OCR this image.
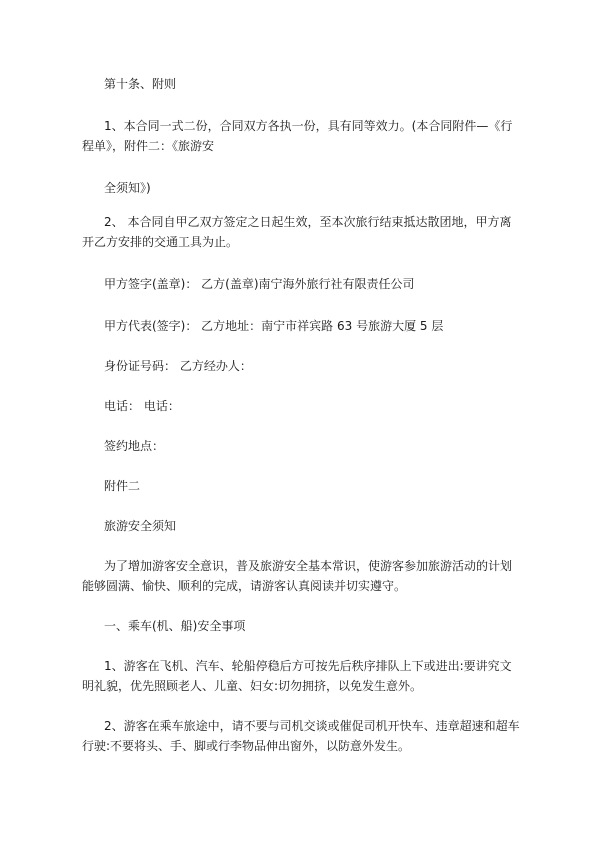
第十条、附则

1、本合同一式二份，合同双方各执一份，具有同等效力。(本合同附件—《行程单》，附件二：《旅游安

全须知》)

2、 本合同自甲乙双方签定之日起生效，至本次旅行结束抵达散团地，甲方离开乙方安排的交通工具为止。

甲方签字(盖章)： 乙方(盖章)南宁海外旅行社有限责任公司

甲方代表(签字)： 乙方地址：南宁市祥宾路 63 号旅游大厦 5 层

身份证号码： 乙方经办人：

电话： 电话：

签约地点：

附件二

旅游安全须知

为了增加游客安全意识，普及旅游安全基本常识，使游客参加旅游活动的计划能够圆满、愉快、顺利的完成，请游客认真阅读并切实遵守。

一、乘车(机、船)安全事项

1、游客在飞机、汽车、轮船停稳后方可按先后秩序排队上下或进出:要讲究文明礼貌，优先照顾老人、儿童、妇女:切勿拥挤，以免发生意外。

2、游客在乘车旅途中，请不要与司机交谈或催促司机开快车、违章超速和超车行驶:不要将头、手、脚或行李物品伸出窗外，以防意外发生。
